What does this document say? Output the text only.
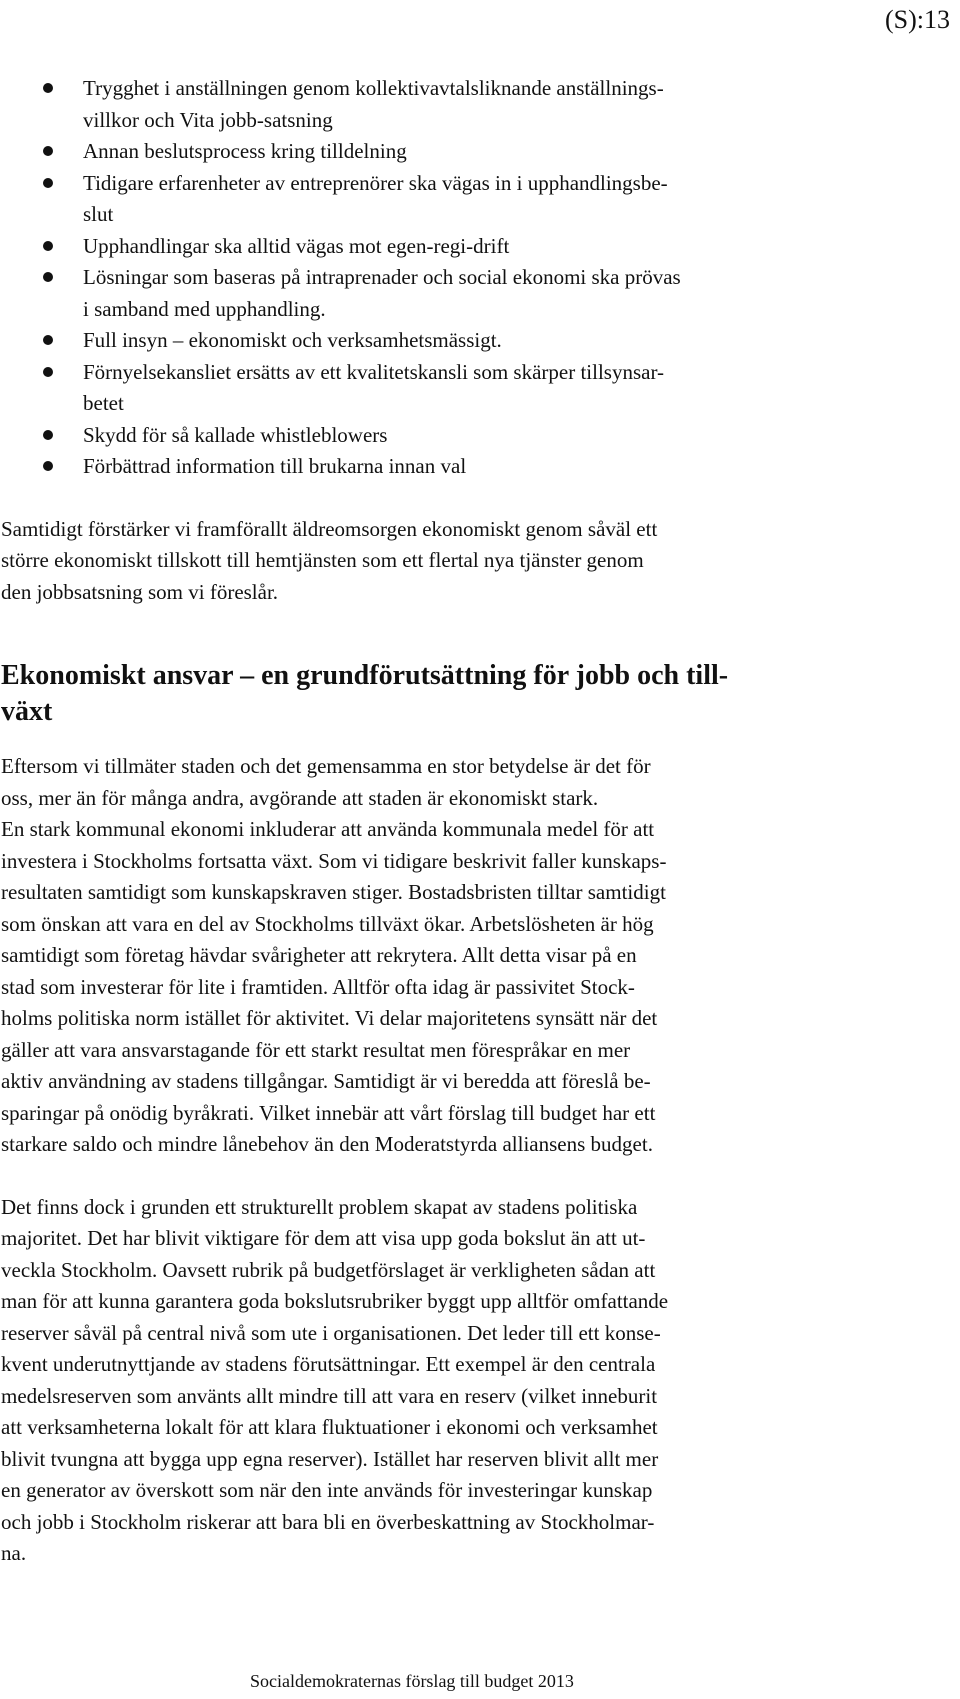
(S):13
Trygghet i anställningen genom kollektivavtalsliknande anställnings-
villkor och Vita jobb-satsning
Annan beslutsprocess kring tilldelning
Tidigare erfarenheter av entreprenörer ska vägas in i upphandlingsbe-
slut
Upphandlingar ska alltid vägas mot egen-regi-drift
Lösningar som baseras på intraprenader och social ekonomi ska prövas
i samband med upphandling.
Full insyn – ekonomiskt och verksamhetsmässigt.
Förnyelsekansliet ersätts av ett kvalitetskansli som skärper tillsynsar-
betet
Skydd för så kallade whistleblowers
Förbättrad information till brukarna innan val
Samtidigt förstärker vi framförallt äldreomsorgen ekonomiskt genom såväl ett
större ekonomiskt tillskott till hemtjänsten som ett flertal nya tjänster genom
den jobbsatsning som vi föreslår.
Ekonomiskt ansvar – en grundförutsättning för jobb och till-
växt
Eftersom vi tillmäter staden och det gemensamma en stor betydelse är det för
oss, mer än för många andra, avgörande att staden är ekonomiskt stark.
En stark kommunal ekonomi inkluderar att använda kommunala medel för att
investera i Stockholms fortsatta växt. Som vi tidigare beskrivit faller kunskaps-
resultaten samtidigt som kunskapskraven stiger. Bostadsbristen tilltar samtidigt
som önskan att vara en del av Stockholms tillväxt ökar. Arbetslösheten är hög
samtidigt som företag hävdar svårigheter att rekrytera. Allt detta visar på en
stad som investerar för lite i framtiden. Alltför ofta idag är passivitet Stock-
holms politiska norm istället för aktivitet. Vi delar majoritetens synsätt när det
gäller att vara ansvarstagande för ett starkt resultat men förespråkar en mer
aktiv användning av stadens tillgångar. Samtidigt är vi beredda att föreslå be-
sparingar på onödig byråkrati. Vilket innebär att vårt förslag till budget har ett
starkare saldo och mindre lånebehov än den Moderatstyrda alliansens budget.
Det finns dock i grunden ett strukturellt problem skapat av stadens politiska
majoritet. Det har blivit viktigare för dem att visa upp goda bokslut än att ut-
veckla Stockholm. Oavsett rubrik på budgetförslaget är verkligheten sådan att
man för att kunna garantera goda bokslutsrubriker byggt upp alltför omfattande
reserver såväl på central nivå som ute i organisationen. Det leder till ett konse-
kvent underutnyttjande av stadens förutsättningar. Ett exempel är den centrala
medelsreserven som använts allt mindre till att vara en reserv (vilket inneburit
att verksamheterna lokalt för att klara fluktuationer i ekonomi och verksamhet
blivit tvungna att bygga upp egna reserver). Istället har reserven blivit allt mer
en generator av överskott som när den inte används för investeringar kunskap
och jobb i Stockholm riskerar att bara bli en överbeskattning av Stockholmar-
na.
Socialdemokraternas förslag till budget 2013
